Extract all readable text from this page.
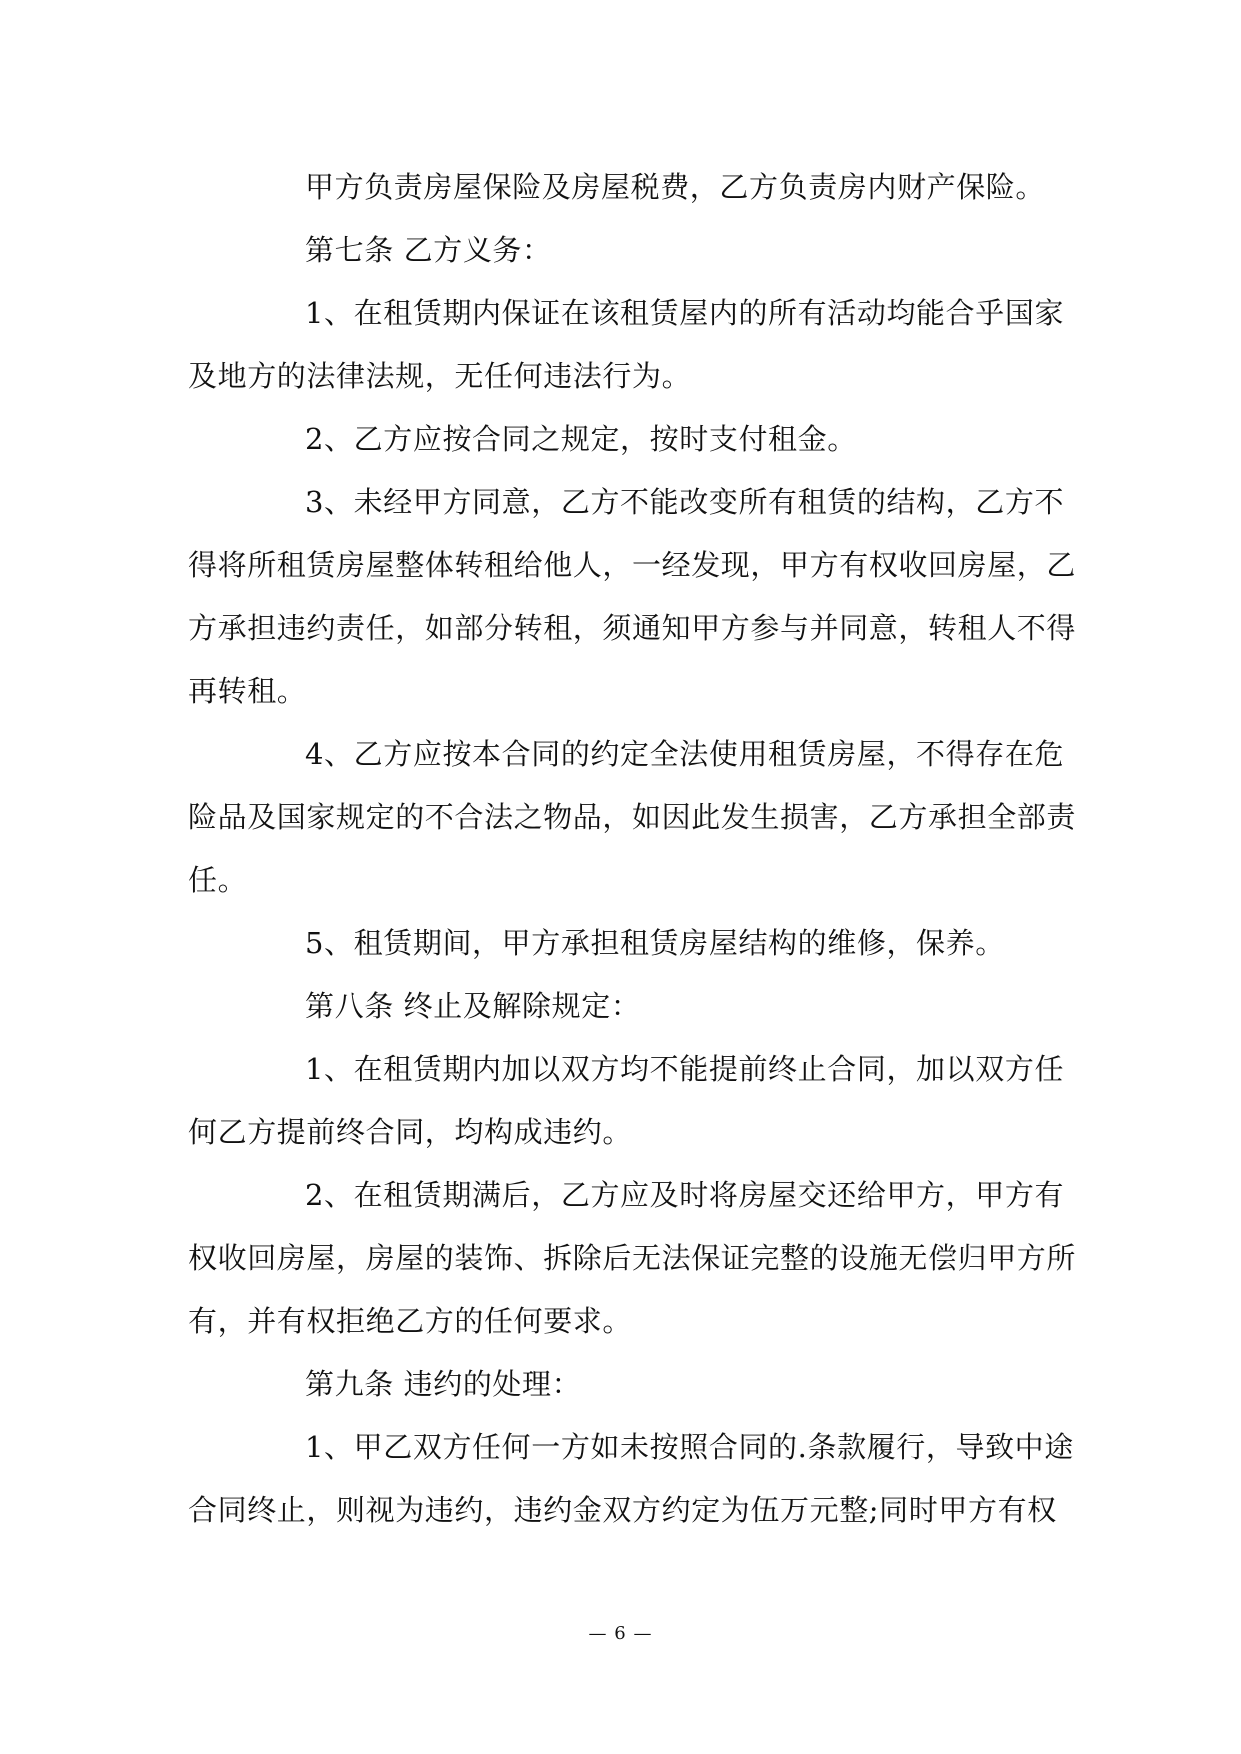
甲方负责房屋保险及房屋税费，乙方负责房内财产保险。
第七条 乙方义务：
1、在租赁期内保证在该租赁屋内的所有活动均能合乎国家
及地方的法律法规，无任何违法行为。
2、乙方应按合同之规定，按时支付租金。
3、未经甲方同意，乙方不能改变所有租赁的结构，乙方不
得将所租赁房屋整体转租给他人，一经发现，甲方有权收回房屋，乙
方承担违约责任，如部分转租，须通知甲方参与并同意，转租人不得
再转租。
4、乙方应按本合同的约定全法使用租赁房屋，不得存在危
险品及国家规定的不合法之物品，如因此发生损害，乙方承担全部责
任。
5、租赁期间，甲方承担租赁房屋结构的维修，保养。
第八条 终止及解除规定：
1、在租赁期内加以双方均不能提前终止合同，加以双方任
何乙方提前终合同，均构成违约。
2、在租赁期满后，乙方应及时将房屋交还给甲方，甲方有
权收回房屋，房屋的装饰、拆除后无法保证完整的设施无偿归甲方所
有，并有权拒绝乙方的任何要求。
第九条 违约的处理：
1、甲乙双方任何一方如未按照合同的.条款履行，导致中途
合同终止，则视为违约，违约金双方约定为伍万元整;同时甲方有权
— 6 —
